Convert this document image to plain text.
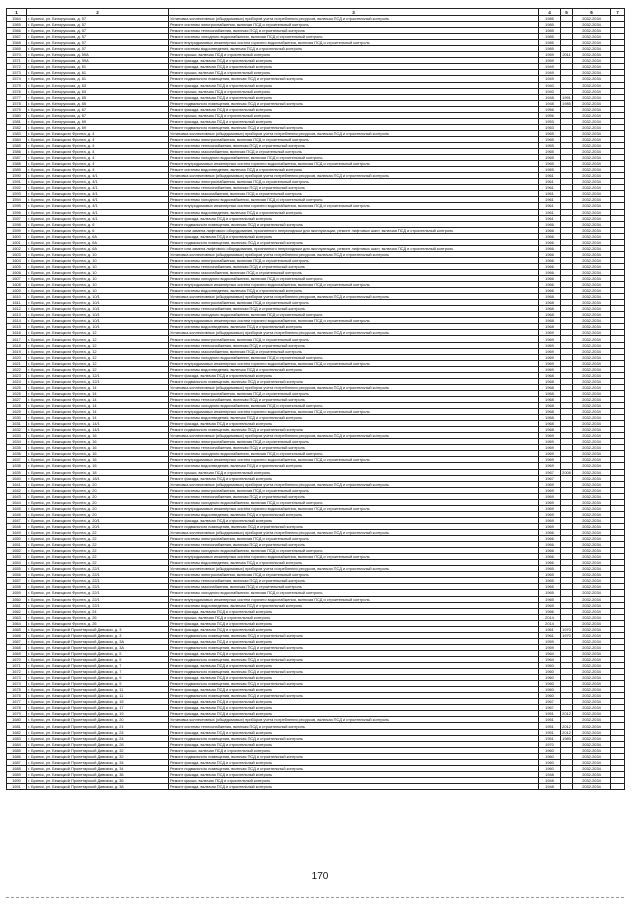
1	2	3	4	5	6	7
1564	г. Брянск, ул. Белорусская, д. 57	Установка коллективных (общедомовых) приборов учета потребления ресурсов, включая ПСД и строительный контроль	1985		2032-2034	
1565	г. Брянск, ул. Белорусская, д. 57	Ремонт системы электроснабжения, включая ПСД и строительный контроль	1985		2032-2034	
1566	г. Брянск, ул. Белорусская, д. 57	Ремонт системы теплоснабжения, включая ПСД и строительный контроль	1985		2032-2034	
1567	г. Брянск, ул. Белорусская, д. 57	Ремонт системы холодного водоснабжения, включая ПСД и строительный контроль	1985		2032-2034	
1568	г. Брянск, ул. Белорусская, д. 57	Ремонт внутридомовых инженерных систем горячего водоснабжения, включая ПСД и строительный контроль	1985		2032-2034	
1569	г. Брянск, ул. Белорусская, д. 57	Ремонт системы водоотведения, включая ПСД и строительный контроль	1985		2032-2034	
1570	г. Брянск, ул. Белорусская, д. 59А	Ремонт крыши, включая ПСД и строительный контроль	1959	2011	2032-2034	
1571	г. Брянск, ул. Белорусская, д. 59А	Ремонт фасада, включая ПСД и строительный контроль	1959		2032-2034	
1572	г. Брянск, ул. Белорусская, д. 61	Ремонт фасада, включая ПСД и строительный контроль	1949		2032-2034	
1573	г. Брянск, ул. Белорусская, д. 61	Ремонт крыши, включая ПСД и строительный контроль	1949		2032-2034	
1574	г. Брянск, ул. Белорусская, д. 61	Ремонт подвального помещения, включая ПСД и строительный контроль	1949		2032-2034	
1575	г. Брянск, ул. Белорусская, д. 63	Ремонт фасада, включая ПСД и строительный контроль	1940		2032-2034	
1576	г. Брянск, ул. Белорусская, д. 63	Ремонт крыши, включая ПСД и строительный контроль	1940		2032-2034	
1577	г. Брянск, ул. Белорусская, д. 65	Ремонт фасада, включая ПСД и строительный контроль	1948	1991	2032-2034	
1578	г. Брянск, ул. Белорусская, д. 65	Ремонт подвального помещения, включая ПСД и строительный контроль	1948	1985	2032-2034	
1579	г. Брянск, ул. Белорусская, д. 67	Ремонт фасада, включая ПСД и строительный контроль	1956		2032-2034	
1580	г. Брянск, ул. Белорусская, д. 67	Ремонт крыши, включая ПСД и строительный контроль	1956		2032-2034	
1581	г. Брянск, ул. Белорусская, д. 69	Ремонт фасада, включая ПСД и строительный контроль	1953		2032-2034	
1582	г. Брянск, ул. Белорусская, д. 69	Ремонт подвального помещения, включая ПСД и строительный контроль	1953		2032-2034	
1583	г. Брянск, ул. Бежицкого Фронта, д. 4	Установка коллективных (общедомовых) приборов учета потребления ресурсов, включая ПСД и строительный контроль	1965		2032-2034	
1584	г. Брянск, ул. Бежицкого Фронта, д. 4	Ремонт системы электроснабжения, включая ПСД и строительный контроль	1965		2032-2034	
1585	г. Брянск, ул. Бежицкого Фронта, д. 4	Ремонт системы теплоснабжения, включая ПСД и строительный контроль	1965		2032-2034	
1586	г. Брянск, ул. Бежицкого Фронта, д. 4	Ремонт системы газоснабжения, включая ПСД и строительный контроль	1965		2032-2034	
1587	г. Брянск, ул. Бежицкого Фронта, д. 4	Ремонт системы холодного водоснабжения, включая ПСД и строительный контроль	1965		2032-2034	
1588	г. Брянск, ул. Бежицкого Фронта, д. 4	Ремонт внутридомовых инженерных систем горячего водоснабжения, включая ПСД и строительный контроль	1965		2032-2034	
1589	г. Брянск, ул. Бежицкого Фронта, д. 4	Ремонт системы водоотведения, включая ПСД и строительный контроль	1965		2032-2034	
1590	г. Брянск, ул. Бежицкого Фронта, д. 4/1	Установка коллективных (общедомовых) приборов учета потребления ресурсов, включая ПСД и строительный контроль	1961		2032-2034	
1591	г. Брянск, ул. Бежицкого Фронта, д. 4/1	Ремонт системы электроснабжения, включая ПСД и строительный контроль	1961		2032-2034	
1592	г. Брянск, ул. Бежицкого Фронта, д. 4/1	Ремонт системы теплоснабжения, включая ПСД и строительный контроль	1961		2032-2034	
1593	г. Брянск, ул. Бежицкого Фронта, д. 4/1	Ремонт системы газоснабжения, включая ПСД и строительный контроль	1961		2032-2034	
1594	г. Брянск, ул. Бежицкого Фронта, д. 4/1	Ремонт системы холодного водоснабжения, включая ПСД и строительный контроль	1961		2032-2034	
1595	г. Брянск, ул. Бежицкого Фронта, д. 4/1	Ремонт внутридомовых инженерных систем горячего водоснабжения, включая ПСД и строительный контроль	1961		2032-2034	
1596	г. Брянск, ул. Бежицкого Фронта, д. 4/1	Ремонт системы водоотведения, включая ПСД и строительный контроль	1961		2032-2034	
1597	г. Брянск, ул. Бежицкого Фронта, д. 4/1	Ремонт фасада, включая ПСД и строительный контроль	1961		2032-2034	
1598	г. Брянск, ул. Бежицкого Фронта, д. 6	Ремонт подвального помещения, включая ПСД и строительный контроль	1966		2032-2034	
1599	г. Брянск, ул. Бежицкого Фронта, д. 6	Ремонт или замена лифтового оборудования, признанного непригодным для эксплуатации, ремонт лифтовых шахт, включая ПСД и строительный контроль	1966		2032-2034	
1600	г. Брянск, ул. Бежицкого Фронта, д. 6А	Ремонт фасада, включая ПСД и строительный контроль	1966		2032-2034	
1601	г. Брянск, ул. Бежицкого Фронта, д. 6А	Ремонт подвального помещения, включая ПСД и строительный контроль	1966		2032-2034	
1602	г. Брянск, ул. Бежицкого Фронта, д. 6А	Ремонт или замена лифтового оборудования, признанного непригодным для эксплуатации, ремонт лифтовых шахт, включая ПСД и строительный контроль	1966		2032-2034	
1603	г. Брянск, ул. Бежицкого Фронта, д. 10	Установка коллективных (общедомовых) приборов учета потребления ресурсов, включая ПСД и строительный контроль	1966		2032-2034	
1604	г. Брянск, ул. Бежицкого Фронта, д. 10	Ремонт системы электроснабжения, включая ПСД и строительный контроль	1966		2032-2034	
1605	г. Брянск, ул. Бежицкого Фронта, д. 10	Ремонт системы теплоснабжения, включая ПСД и строительный контроль	1966		2032-2034	
1606	г. Брянск, ул. Бежицкого Фронта, д. 10	Ремонт системы газоснабжения, включая ПСД и строительный контроль	1966		2032-2034	
1607	г. Брянск, ул. Бежицкого Фронта, д. 10	Ремонт системы холодного водоснабжения, включая ПСД и строительный контроль	1966		2032-2034	
1608	г. Брянск, ул. Бежицкого Фронта, д. 10	Ремонт внутридомовых инженерных систем горячего водоснабжения, включая ПСД и строительный контроль	1966		2032-2034	
1609	г. Брянск, ул. Бежицкого Фронта, д. 10	Ремонт системы водоотведения, включая ПСД и строительный контроль	1966		2032-2034	
1610	г. Брянск, ул. Бежицкого Фронта, д. 10/1	Установка коллективных (общедомовых) приборов учета потребления ресурсов, включая ПСД и строительный контроль	1968		2032-2034	
1611	г. Брянск, ул. Бежицкого Фронта, д. 10/1	Ремонт системы электроснабжения, включая ПСД и строительный контроль	1968		2032-2034	
1612	г. Брянск, ул. Бежицкого Фронта, д. 10/1	Ремонт системы теплоснабжения, включая ПСД и строительный контроль	1968		2032-2034	
1613	г. Брянск, ул. Бежицкого Фронта, д. 10/1	Ремонт системы холодного водоснабжения, включая ПСД и строительный контроль	1968		2032-2034	
1614	г. Брянск, ул. Бежицкого Фронта, д. 10/1	Ремонт внутридомовых инженерных систем горячего водоснабжения, включая ПСД и строительный контроль	1968		2032-2034	
1615	г. Брянск, ул. Бежицкого Фронта, д. 10/1	Ремонт системы водоотведения, включая ПСД и строительный контроль	1968		2032-2034	
1616	г. Брянск, ул. Бежицкого Фронта, д. 12	Установка коллективных (общедомовых) приборов учета потребления ресурсов, включая ПСД и строительный контроль	1969		2032-2034	
1617	г. Брянск, ул. Бежицкого Фронта, д. 12	Ремонт системы электроснабжения, включая ПСД и строительный контроль	1969		2032-2034	
1618	г. Брянск, ул. Бежицкого Фронта, д. 12	Ремонт системы теплоснабжения, включая ПСД и строительный контроль	1969		2032-2034	
1619	г. Брянск, ул. Бежицкого Фронта, д. 12	Ремонт системы газоснабжения, включая ПСД и строительный контроль	1969		2032-2034	
1620	г. Брянск, ул. Бежицкого Фронта, д. 12	Ремонт системы холодного водоснабжения, включая ПСД и строительный контроль	1969		2032-2034	
1621	г. Брянск, ул. Бежицкого Фронта, д. 12	Ремонт внутридомовых инженерных систем горячего водоснабжения, включая ПСД и строительный контроль	1969		2032-2034	
1622	г. Брянск, ул. Бежицкого Фронта, д. 12	Ремонт системы водоотведения, включая ПСД и строительный контроль	1969		2032-2034	
1623	г. Брянск, ул. Бежицкого Фронта, д. 12/1	Ремонт фасада, включая ПСД и строительный контроль	1968		2032-2034	
1624	г. Брянск, ул. Бежицкого Фронта, д. 12/1	Ремонт подвального помещения, включая ПСД и строительный контроль	1968		2032-2034	
1625	г. Брянск, ул. Бежицкого Фронта, д. 14	Установка коллективных (общедомовых) приборов учета потребления ресурсов, включая ПСД и строительный контроль	1968		2032-2034	
1626	г. Брянск, ул. Бежицкого Фронта, д. 14	Ремонт системы электроснабжения, включая ПСД и строительный контроль	1968		2032-2034	
1627	г. Брянск, ул. Бежицкого Фронта, д. 14	Ремонт системы теплоснабжения, включая ПСД и строительный контроль	1968		2032-2034	
1628	г. Брянск, ул. Бежицкого Фронта, д. 14	Ремонт системы холодного водоснабжения, включая ПСД и строительный контроль	1968		2032-2034	
1629	г. Брянск, ул. Бежицкого Фронта, д. 14	Ремонт внутридомовых инженерных систем горячего водоснабжения, включая ПСД и строительный контроль	1968		2032-2034	
1630	г. Брянск, ул. Бежицкого Фронта, д. 14	Ремонт системы водоотведения, включая ПСД и строительный контроль	1968		2032-2034	
1631	г. Брянск, ул. Бежицкого Фронта, д. 14/1	Ремонт фасада, включая ПСД и строительный контроль	1968		2032-2034	
1632	г. Брянск, ул. Бежицкого Фронта, д. 14/1	Ремонт подвального помещения, включая ПСД и строительный контроль	1968		2032-2034	
1633	г. Брянск, ул. Бежицкого Фронта, д. 16	Установка коллективных (общедомовых) приборов учета потребления ресурсов, включая ПСД и строительный контроль	1969		2032-2034	
1634	г. Брянск, ул. Бежицкого Фронта, д. 16	Ремонт системы электроснабжения, включая ПСД и строительный контроль	1969		2032-2034	
1635	г. Брянск, ул. Бежицкого Фронта, д. 16	Ремонт системы теплоснабжения, включая ПСД и строительный контроль	1969		2032-2034	
1636	г. Брянск, ул. Бежицкого Фронта, д. 16	Ремонт системы холодного водоснабжения, включая ПСД и строительный контроль	1969		2032-2034	
1637	г. Брянск, ул. Бежицкого Фронта, д. 16	Ремонт внутридомовых инженерных систем горячего водоснабжения, включая ПСД и строительный контроль	1969		2032-2034	
1638	г. Брянск, ул. Бежицкого Фронта, д. 16	Ремонт системы водоотведения, включая ПСД и строительный контроль	1969		2032-2034	
1639	г. Брянск, ул. Бежицкого Фронта, д. 18	Ремонт крыши, включая ПСД и строительный контроль	1967	2008	2032-2034	
1640	г. Брянск, ул. Бежицкого Фронта, д. 18/1	Ремонт фасада, включая ПСД и строительный контроль	1967		2032-2034	
1641	г. Брянск, ул. Бежицкого Фронта, д. 20	Установка коллективных (общедомовых) приборов учета потребления ресурсов, включая ПСД и строительный контроль	1969		2032-2034	
1642	г. Брянск, ул. Бежицкого Фронта, д. 20	Ремонт системы электроснабжения, включая ПСД и строительный контроль	1969		2032-2034	
1643	г. Брянск, ул. Бежицкого Фронта, д. 20	Ремонт системы теплоснабжения, включая ПСД и строительный контроль	1969		2032-2034	
1644	г. Брянск, ул. Бежицкого Фронта, д. 20	Ремонт системы холодного водоснабжения, включая ПСД и строительный контроль	1969		2032-2034	
1645	г. Брянск, ул. Бежицкого Фронта, д. 20	Ремонт внутридомовых инженерных систем горячего водоснабжения, включая ПСД и строительный контроль	1969		2032-2034	
1646	г. Брянск, ул. Бежицкого Фронта, д. 20	Ремонт системы водоотведения, включая ПСД и строительный контроль	1969		2032-2034	
1647	г. Брянск, ул. Бежицкого Фронта, д. 20/1	Ремонт фасада, включая ПСД и строительный контроль	1969		2032-2034	
1648	г. Брянск, ул. Бежицкого Фронта, д. 20/1	Ремонт подвального помещения, включая ПСД и строительный контроль	1969		2032-2034	
1649	г. Брянск, ул. Бежицкого Фронта, д. 22	Установка коллективных (общедомовых) приборов учета потребления ресурсов, включая ПСД и строительный контроль	1966		2032-2034	
1650	г. Брянск, ул. Бежицкого Фронта, д. 22	Ремонт системы электроснабжения, включая ПСД и строительный контроль	1966		2032-2034	
1651	г. Брянск, ул. Бежицкого Фронта, д. 22	Ремонт системы теплоснабжения, включая ПСД и строительный контроль	1966		2032-2034	
1652	г. Брянск, ул. Бежицкого Фронта, д. 22	Ремонт системы холодного водоснабжения, включая ПСД и строительный контроль	1966		2032-2034	
1653	г. Брянск, ул. Бежицкого Фронта, д. 22	Ремонт внутридомовых инженерных систем горячего водоснабжения, включая ПСД и строительный контроль	1966		2032-2034	
1654	г. Брянск, ул. Бежицкого Фронта, д. 22	Ремонт системы водоотведения, включая ПСД и строительный контроль	1966		2032-2034	
1655	г. Брянск, ул. Бежицкого Фронта, д. 22/1	Установка коллективных (общедомовых) приборов учета потребления ресурсов, включая ПСД и строительный контроль	1965		2032-2034	
1656	г. Брянск, ул. Бежицкого Фронта, д. 22/1	Ремонт системы электроснабжения, включая ПСД и строительный контроль	1965		2032-2034	
1657	г. Брянск, ул. Бежицкого Фронта, д. 22/1	Ремонт системы теплоснабжения, включая ПСД и строительный контроль	1965		2032-2034	
1658	г. Брянск, ул. Бежицкого Фронта, д. 22/1	Ремонт системы газоснабжения, включая ПСД и строительный контроль	1965		2032-2034	
1659	г. Брянск, ул. Бежицкого Фронта, д. 22/1	Ремонт системы холодного водоснабжения, включая ПСД и строительный контроль	1965		2032-2034	
1660	г. Брянск, ул. Бежицкого Фронта, д. 22/1	Ремонт внутридомовых инженерных систем горячего водоснабжения, включая ПСД и строительный контроль	1965		2032-2034	
1661	г. Брянск, ул. Бежицкого Фронта, д. 22/1	Ремонт системы водоотведения, включая ПСД и строительный контроль	1965		2032-2034	
1662	г. Брянск, ул. Бежицкого Фронта, д. 24	Ремонт фасада, включая ПСД и строительный контроль	1966		2032-2034	
1663	г. Брянск, ул. Бежицкого Фронта, д. 26	Ремонт крыши, включая ПСД и строительный контроль	2014		2032-2034	
1664	г. Брянск, ул. Бежицкого Фронта, д. 26	Ремонт фасада, включая ПСД и строительный контроль	2014		2032-2034	
1665	г. Брянск, ул. Бежицкой Пролетарской Дивизии, д. 3	Ремонт фасада, включая ПСД и строительный контроль	1961	1970	2032-2034	
1666	г. Брянск, ул. Бежицкой Пролетарской Дивизии, д. 3	Ремонт подвального помещения, включая ПСД и строительный контроль	1961	1970	2032-2034	
1667	г. Брянск, ул. Бежицкой Пролетарской Дивизии, д. 3А	Ремонт фасада, включая ПСД и строительный контроль	1959		2032-2034	
1668	г. Брянск, ул. Бежицкой Пролетарской Дивизии, д. 3А	Ремонт подвального помещения, включая ПСД и строительный контроль	1959		2032-2034	
1669	г. Брянск, ул. Бежицкой Пролетарской Дивизии, д. 5	Ремонт фасада, включая ПСД и строительный контроль	1964		2032-2034	
1670	г. Брянск, ул. Бежицкой Пролетарской Дивизии, д. 5	Ремонт подвального помещения, включая ПСД и строительный контроль	1964		2032-2034	
1671	г. Брянск, ул. Бежицкой Пролетарской Дивизии, д. 7	Ремонт фасада, включая ПСД и строительный контроль	1960		2032-2034	
1672	г. Брянск, ул. Бежицкой Пролетарской Дивизии, д. 7	Ремонт подвального помещения, включая ПСД и строительный контроль	1960		2032-2034	
1673	г. Брянск, ул. Бежицкой Пролетарской Дивизии, д. 9	Ремонт фасада, включая ПСД и строительный контроль	1960		2032-2034	
1674	г. Брянск, ул. Бежицкой Пролетарской Дивизии, д. 9	Ремонт подвального помещения, включая ПСД и строительный контроль	1960		2032-2034	
1675	г. Брянск, ул. Бежицкой Пролетарской Дивизии, д. 11	Ремонт фасада, включая ПСД и строительный контроль	1960		2032-2034	
1676	г. Брянск, ул. Бежицкой Пролетарской Дивизии, д. 11	Ремонт подвального помещения, включая ПСД и строительный контроль	1960		2032-2034	
1677	г. Брянск, ул. Бежицкой Пролетарской Дивизии, д. 15	Ремонт фасада, включая ПСД и строительный контроль	1967		2032-2034	
1678	г. Брянск, ул. Бежицкой Пролетарской Дивизии, д. 17	Ремонт фасада, включая ПСД и строительный контроль	1967		2032-2034	
1679	г. Брянск, ул. Бежицкой Пролетарской Дивизии, д. 19	Ремонт фасада, включая ПСД и строительный контроль	1951	2012	2032-2034	
1680	г. Брянск, ул. Бежицкой Пролетарской Дивизии, д. 20	Установка коллективных (общедомовых) приборов учета потребления ресурсов, включая ПСД и строительный контроль	1951		2032-2034	
1681	г. Брянск, ул. Бежицкой Пролетарской Дивизии, д. 21	Ремонт системы теплоснабжения, включая ПСД и строительный контроль	1951	2012	2032-2034	
1682	г. Брянск, ул. Бежицкой Пролетарской Дивизии, д. 24	Ремонт фасада, включая ПСД и строительный контроль	1951	2012	2032-2034	
1683	г. Брянск, ул. Бежицкой Пролетарской Дивизии, д. 24	Ремонт подвального помещения, включая ПСД и строительный контроль	1951	1989	2032-2034	
1684	г. Брянск, ул. Бежицкой Пролетарской Дивизии, д. 28	Ремонт фасада, включая ПСД и строительный контроль	1970		2032-2034	
1685	г. Брянск, ул. Бежицкой Пролетарской Дивизии, д. 32	Ремонт крыши, включая ПСД и строительный контроль	1960		2032-2034	
1686	г. Брянск, ул. Бежицкой Пролетарской Дивизии, д. 32	Ремонт подвального помещения, включая ПСД и строительный контроль	1960		2032-2034	
1687	г. Брянск, ул. Бежицкой Пролетарской Дивизии, д. 34	Ремонт фасада, включая ПСД и строительный контроль	1960		2032-2034	
1688	г. Брянск, ул. Бежицкой Пролетарской Дивизии, д. 34	Ремонт подвального помещения, включая ПСД и строительный контроль	1960		2032-2034	
1689	г. Брянск, ул. Бежицкой Пролетарской Дивизии, д. 36	Ремонт фасада, включая ПСД и строительный контроль	1948		2032-2034	
1690	г. Брянск, ул. Бежицкой Пролетарской Дивизии, д. 36	Ремонт крыши, включая ПСД и строительный контроль	1948		2032-2034	
1691	г. Брянск, ул. Бежицкой Пролетарской Дивизии, д. 38	Ремонт фасада, включая ПСД и строительный контроль	1948		2032-2034	
170
